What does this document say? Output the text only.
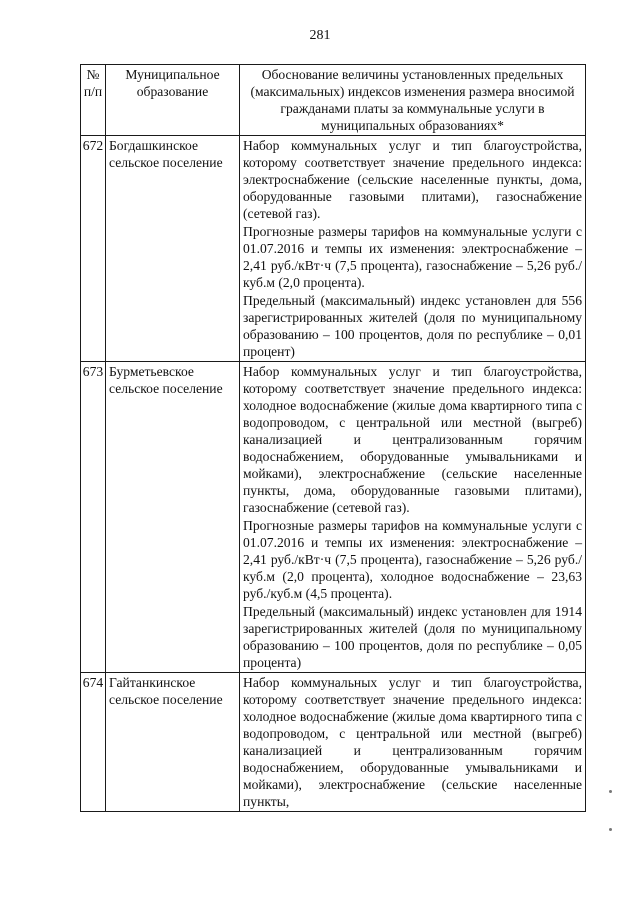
281
№ п/п	Муниципальное образование	Обоснование величины установленных предельных (максимальных) индексов изменения размера вносимой гражданами платы за коммунальные услуги в муниципальных образованиях*
672	Богдашкинское сельское поселение	Набор коммунальных услуг и тип благоустройства, которому соответствует значение предельного индекса: электроснабжение (сельские населенные пункты, дома, оборудованные газовыми плитами), газоснабжение (сетевой газ).
Прогнозные размеры тарифов на коммунальные услуги с 01.07.2016 и темпы их изменения: электроснабжение – 2,41 руб./кВт·ч (7,5 процента), газоснабжение – 5,26 руб./куб.м (2,0 процента).
Предельный (максимальный) индекс установлен для 556 зарегистрированных жителей (доля по муниципальному образованию – 100 процентов, доля по республике – 0,01 процент)

673	Бурметьевское сельское поселение	Набор коммунальных услуг и тип благоустройства, которому соответствует значение предельного индекса: холодное водоснабжение (жилые дома квартирного типа с водопроводом, с центральной или местной (выгреб) канализацией и централизованным горячим водоснабжением, оборудованные умывальниками и мойками), электроснабжение (сельские населенные пункты, дома, оборудованные газовыми плитами), газоснабжение (сетевой газ).
Прогнозные размеры тарифов на коммунальные услуги с 01.07.2016 и темпы их изменения: электроснабжение – 2,41 руб./кВт·ч (7,5 процента), газоснабжение – 5,26 руб./куб.м (2,0 процента), холодное водоснабжение – 23,63 руб./куб.м (4,5 процента).
Предельный (максимальный) индекс установлен для 1914 зарегистрированных жителей (доля по муниципальному образованию – 100 процентов, доля по республике – 0,05 процента)

674	Гайтанкинское сельское поселение	Набор коммунальных услуг и тип благоустройства, которому соответствует значение предельного индекса: холодное водоснабжение (жилые дома квартирного типа с водопроводом, с центральной или местной (выгреб) канализацией и централизованным горячим водоснабжением, оборудованные умывальниками и мойками), электроснабжение (сельские населенные пункты,
